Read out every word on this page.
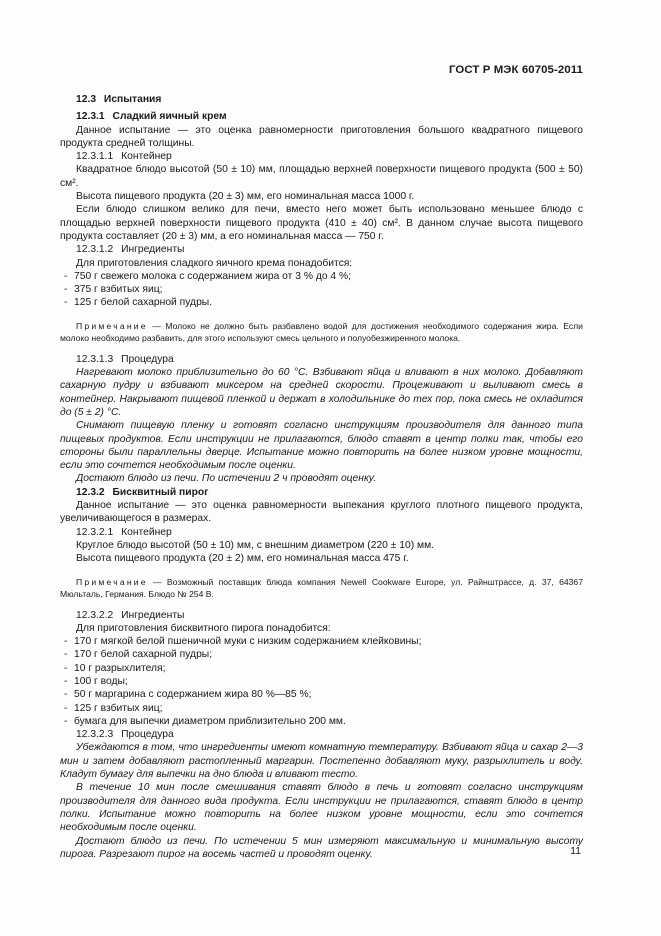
ГОСТ Р МЭК 60705-2011

12.3 Испытания

12.3.1 Сладкий яичный крем

Данное испытание — это оценка равномерности приготовления большого квадратного пищевого продукта средней толщины.

12.3.1.1 Контейнер

Квадратное блюдо высотой (50 ± 10) мм, площадью верхней поверхности пищевого продукта (500 ± 50) см².

Высота пищевого продукта (20 ± 3) мм, его номинальная масса 1000 г.

Если блюдо слишком велико для печи, вместо него может быть использовано меньшее блюдо с площадью верхней поверхности пищевого продукта (410 ± 40) см². В данном случае высота пищевого продукта составляет (20 ± 3) мм, а его номинальная масса — 750 г.

12.3.1.2 Ингредиенты

Для приготовления сладкого яичного крема понадобится:

- 750 г свежего молока с содержанием жира от 3 % до 4 %;

- 375 г взбитых яиц;

- 125 г белой сахарной пудры.

Примечание — Молоко не должно быть разбавлено водой для достижения необходимого содержания жира. Если молоко необходимо разбавить, для этого используют смесь цельного и полуобезжиренного молока.

12.3.1.3 Процедура

Нагревают молоко приблизительно до 60 °С. Взбивают яйца и вливают в них молоко. Добавляют сахарную пудру и взбивают миксером на средней скорости. Процеживают и выливают смесь в контейнер. Накрывают пищевой пленкой и держат в холодильнике до тех пор, пока смесь не охладится до (5 ± 2) °С.

Снимают пищевую пленку и готовят согласно инструкциям производителя для данного типа пищевых продуктов. Если инструкции не прилагаются, блюдо ставят в центр полки так, чтобы его стороны были параллельны дверце. Испытание можно повторить на более низком уровне мощности, если это сочтется необходимым после оценки.

Достают блюдо из печи. По истечении 2 ч проводят оценку.

12.3.2 Бисквитный пирог

Данное испытание — это оценка равномерности выпекания круглого плотного пищевого продукта, увеличивающегося в размерах.

12.3.2.1 Контейнер

Круглое блюдо высотой (50 ± 10) мм, с внешним диаметром (220 ± 10) мм.

Высота пищевого продукта (20 ± 2) мм, его номинальная масса 475 г.

Примечание — Возможный поставщик блюда компания Newell Cookware Europe, ул. Райнштрассе, д. 37, 64367 Мюльталь, Германия. Блюдо № 254 В.

12.3.2.2 Ингредиенты

Для приготовления бисквитного пирога понадобится:

- 170 г мягкой белой пшеничной муки с низким содержанием клейковины;

- 170 г белой сахарной пудры;

- 10 г разрыхлителя;

- 100 г воды;

- 50 г маргарина с содержанием жира 80 %—85 %;

- 125 г взбитых яиц;

- бумага для выпечки диаметром приблизительно 200 мм.

12.3.2.3 Процедура

Убеждаются в том, что ингредиенты имеют комнатную температуру. Взбивают яйца и сахар 2—3 мин и затем добавляют растопленный маргарин. Постепенно добавляют муку, разрыхлитель и воду. Кладут бумагу для выпечки на дно блюда и вливают тесто.

В течение 10 мин после смешивания ставят блюдо в печь и готовят согласно инструкциям производителя для данного вида продукта. Если инструкции не прилагаются, ставят блюдо в центр полки. Испытание можно повторить на более низком уровне мощности, если это сочтется необходимым после оценки.

Достают блюдо из печи. По истечении 5 мин измеряют максимальную и минимальную высоту пирога. Разрезают пирог на восемь частей и проводят оценку.	11
